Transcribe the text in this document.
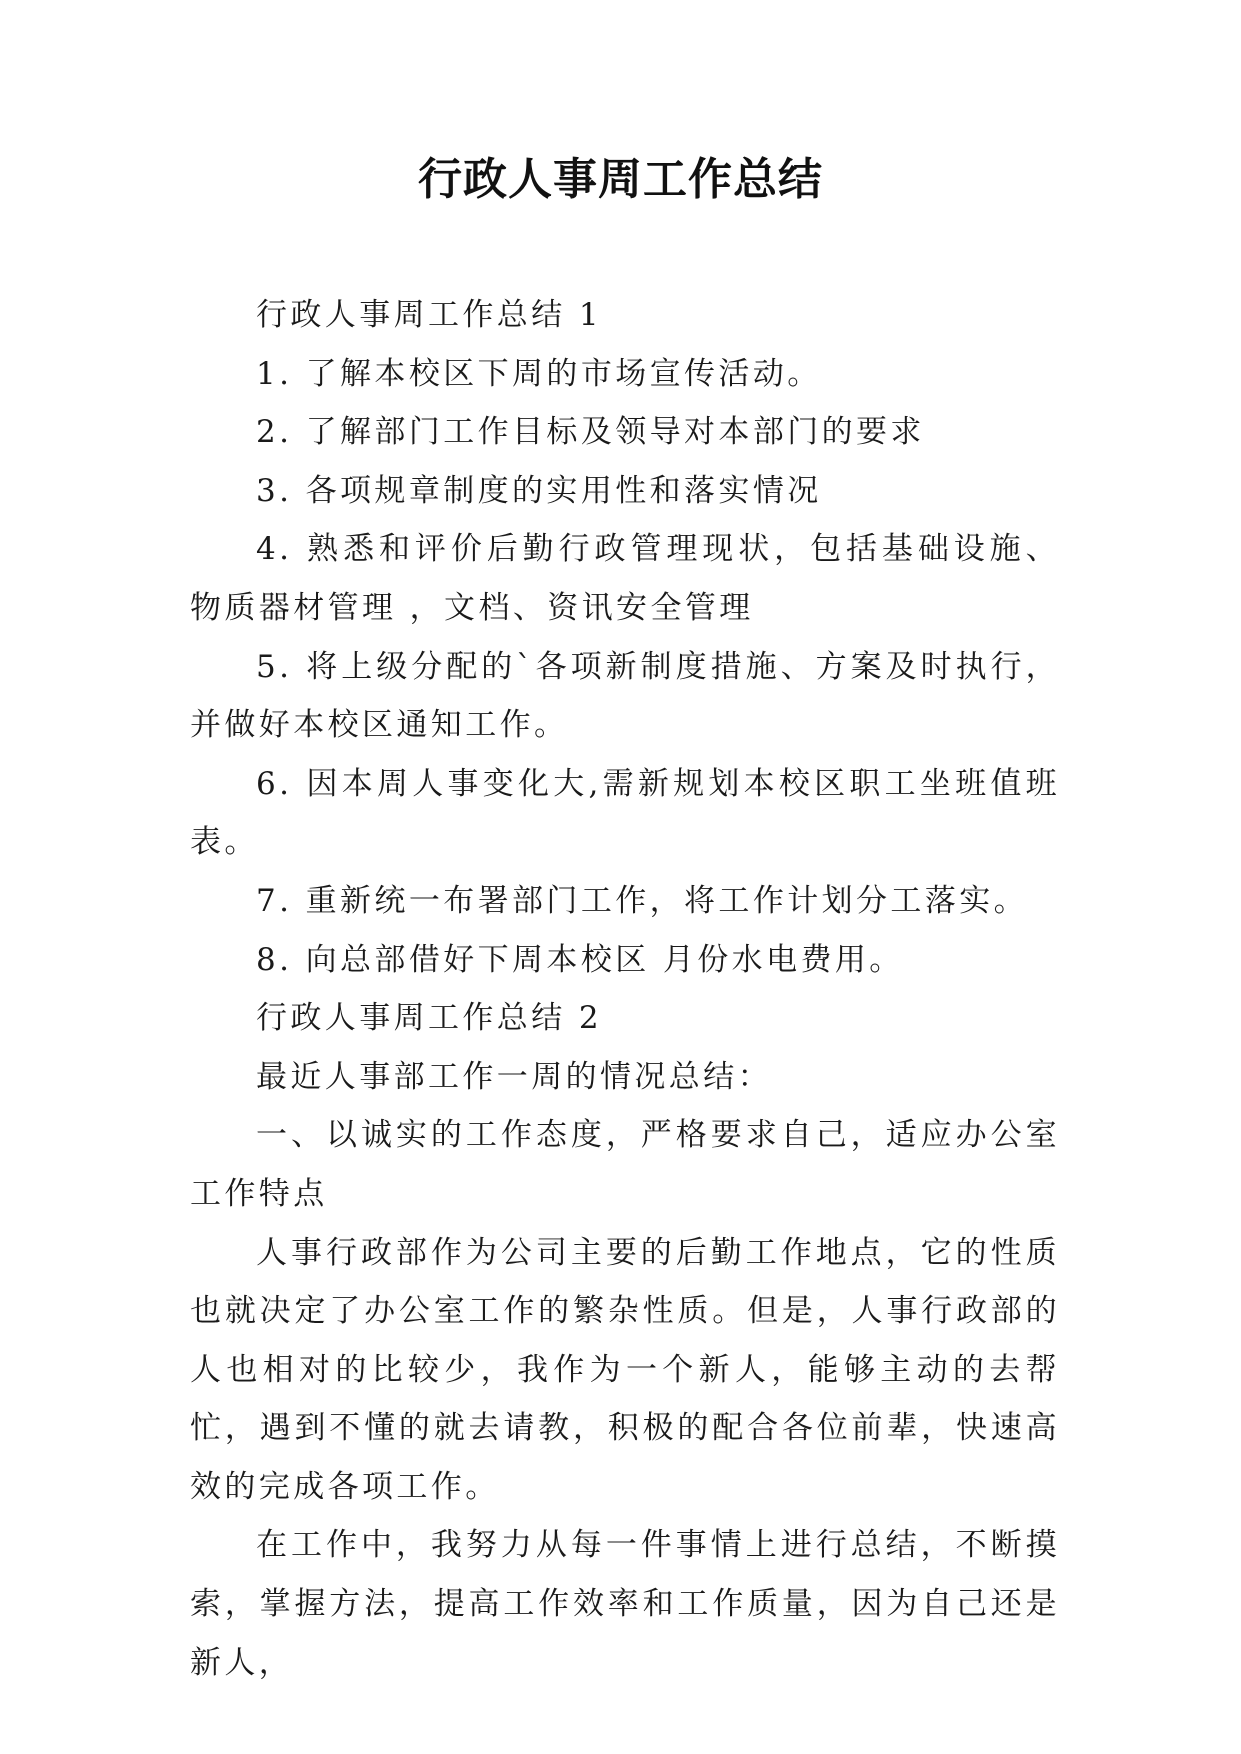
行政人事周工作总结

行政人事周工作总结 1

1. 了解本校区下周的市场宣传活动。

2. 了解部门工作目标及领导对本部门的要求

3. 各项规章制度的实用性和落实情况

4. 熟悉和评价后勤行政管理现状，包括基础设施、物质器材管理 ，文档、资讯安全管理

5. 将上级分配的`各项新制度措施、方案及时执行，并做好本校区通知工作。

6. 因本周人事变化大,需新规划本校区职工坐班值班表。

7. 重新统一布署部门工作，将工作计划分工落实。

8. 向总部借好下周本校区 月份水电费用。

行政人事周工作总结 2

最近人事部工作一周的情况总结：

一、以诚实的工作态度，严格要求自己，适应办公室工作特点

人事行政部作为公司主要的后勤工作地点，它的性质也就决定了办公室工作的繁杂性质。但是，人事行政部的人也相对的比较少，我作为一个新人，能够主动的去帮忙，遇到不懂的就去请教，积极的配合各位前辈，快速高效的完成各项工作。

在工作中，我努力从每一件事情上进行总结，不断摸索，掌握方法，提高工作效率和工作质量，因为自己还是新人，
